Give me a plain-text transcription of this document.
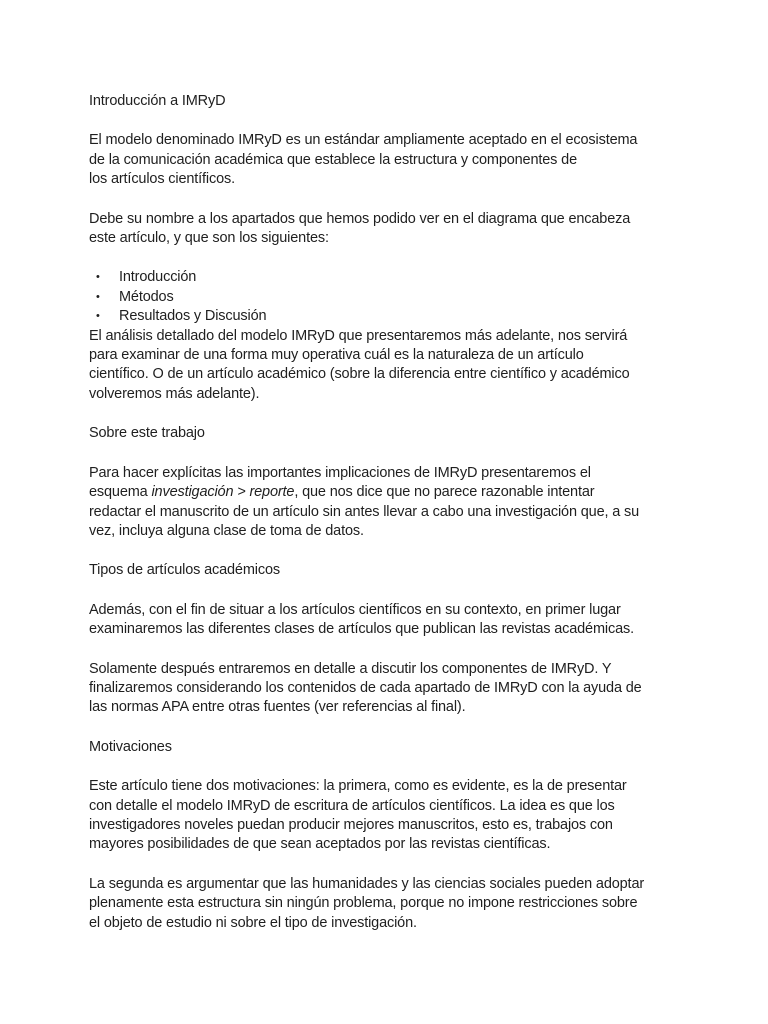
Introducción a IMRyD
El modelo denominado IMRyD es un estándar ampliamente aceptado en el ecosistema
de la comunicación académica que establece la estructura y componentes de
los artículos científicos.
Debe su nombre a los apartados que hemos podido ver en el diagrama que encabeza
este artículo, y que son los siguientes:
• Introducción
• Métodos
• Resultados y Discusión
El análisis detallado del modelo IMRyD que presentaremos más adelante, nos servirá
para examinar de una forma muy operativa cuál es la naturaleza de un artículo
científico. O de un artículo académico (sobre la diferencia entre científico y académico
volveremos más adelante).
Sobre este trabajo
Para hacer explícitas las importantes implicaciones de IMRyD presentaremos el
esquema investigación > reporte, que nos dice que no parece razonable intentar
redactar el manuscrito de un artículo sin antes llevar a cabo una investigación que, a su
vez, incluya alguna clase de toma de datos.
Tipos de artículos académicos
Además, con el fin de situar a los artículos científicos en su contexto, en primer lugar
examinaremos las diferentes clases de artículos que publican las revistas académicas.
Solamente después entraremos en detalle a discutir los componentes de IMRyD. Y
finalizaremos considerando los contenidos de cada apartado de IMRyD con la ayuda de
las normas APA entre otras fuentes (ver referencias al final).
Motivaciones
Este artículo tiene dos motivaciones: la primera, como es evidente, es la de presentar
con detalle el modelo IMRyD de escritura de artículos científicos. La idea es que los
investigadores noveles puedan producir mejores manuscritos, esto es, trabajos con
mayores posibilidades de que sean aceptados por las revistas científicas.
La segunda es argumentar que las humanidades y las ciencias sociales pueden adoptar
plenamente esta estructura sin ningún problema, porque no impone restricciones sobre
el objeto de estudio ni sobre el tipo de investigación.
